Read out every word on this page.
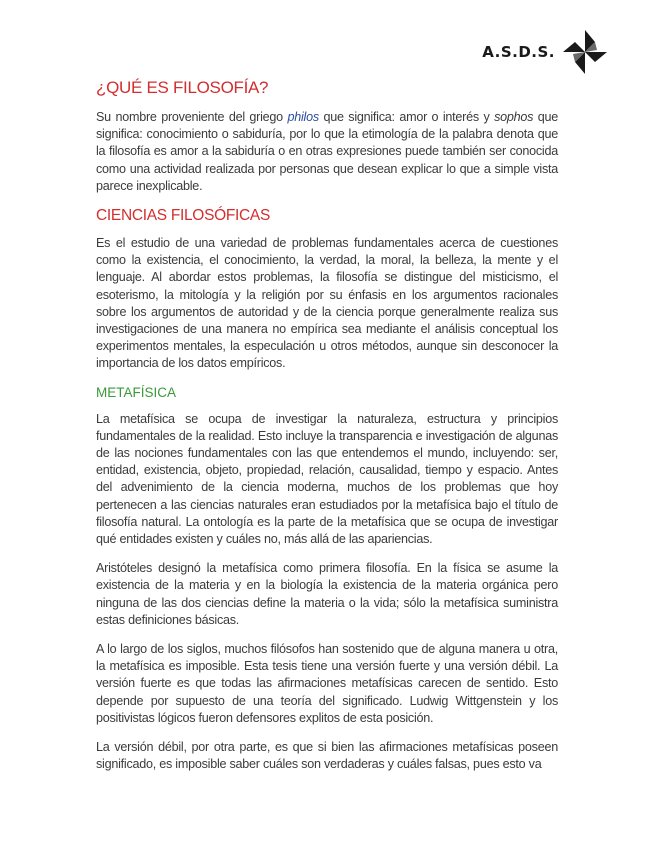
A.S.D.S.
¿QUÉ ES FILOSOFÍA?

Su nombre proveniente del griego philos que significa: amor o interés y sophos que significa: conocimiento o sabiduría, por lo que la etimología de la palabra denota que la filosofía es amor a la sabiduría o en otras expresiones puede también ser conocida como una actividad realizada por personas que desean explicar lo que a simple vista parece inexplicable.

CIENCIAS FILOSÓFICAS

Es el estudio de una variedad de problemas fundamentales acerca de cuestiones como la existencia, el conocimiento, la verdad, la moral, la belleza, la mente y el lenguaje. Al abordar estos problemas, la filosofía se distingue del misticismo, el esoterismo, la mitología y la religión por su énfasis en los argumentos racionales sobre los argumentos de autoridad y de la ciencia porque generalmente realiza sus investigaciones de una manera no empírica sea mediante el análisis conceptual los experimentos mentales, la especulación u otros métodos, aunque sin desconocer la importancia de los datos empíricos.

METAFÍSICA

La metafísica se ocupa de investigar la naturaleza, estructura y principios fundamentales de la realidad. Esto incluye la transparencia e investigación de algunas de las nociones fundamentales con las que entendemos el mundo, incluyendo: ser, entidad, existencia, objeto, propiedad, relación, causalidad, tiempo y espacio. Antes del advenimiento de la ciencia moderna, muchos de los problemas que hoy pertenecen a las ciencias naturales eran estudiados por la metafísica bajo el título de filosofía natural. La ontología es la parte de la metafísica que se ocupa de investigar qué entidades existen y cuáles no, más allá de las apariencias.

Aristóteles designó la metafísica como primera filosofía. En la física se asume la existencia de la materia y en la biología la existencia de la materia orgánica pero ninguna de las dos ciencias define la materia o la vida; sólo la metafísica suministra estas definiciones básicas.

A lo largo de los siglos, muchos filósofos han sostenido que de alguna manera u otra, la metafísica es imposible. Esta tesis tiene una versión fuerte y una versión débil. La versión fuerte es que todas las afirmaciones metafísicas carecen de sentido. Esto depende por supuesto de una teoría del significado. Ludwig Wittgenstein y los positivistas lógicos fueron defensores explitos de esta posición.

La versión débil, por otra parte, es que si bien las afirmaciones metafísicas poseen significado, es imposible saber cuáles son verdaderas y cuáles falsas, pues esto va
